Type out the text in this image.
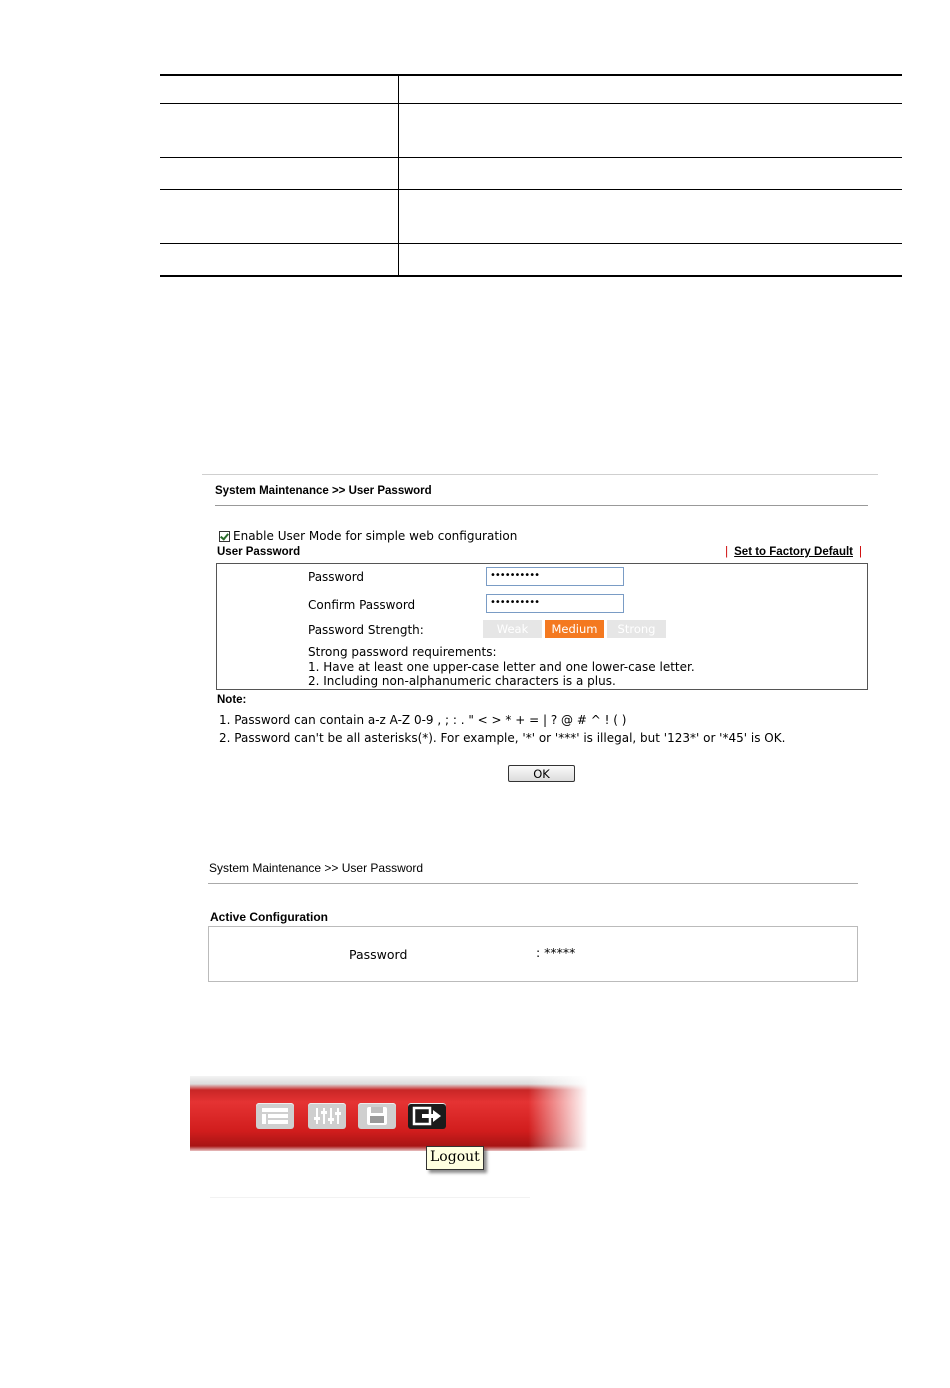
System Maintenance >> User Password
Enable User Mode for simple web configuration
User Password	| Set to Factory Default |
Password	••••••••••
Confirm Password	••••••••••
Password Strength:	Weak	Medium	Strong
Strong password requirements:
1. Have at least one upper-case letter and one lower-case letter.
2. Including non-alphanumeric characters is a plus.
Note:
1. Password can contain a-z A-Z 0-9 , ; : . " < > * + = | ? @ # ^ ! ( )
2. Password can't be all asterisks(*). For example, '*' or '***' is illegal, but '123*' or '*45' is OK.
OK
System Maintenance >> User Password
Active Configuration
Password	: *****
Logout
